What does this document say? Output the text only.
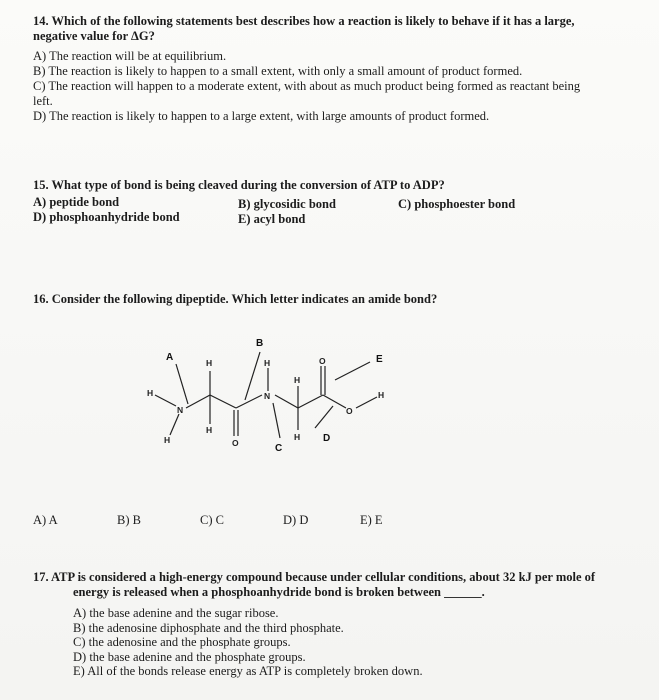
14. Which of the following statements best describes how a reaction is likely to behave if it has a large,

negative value for ΔG?

A) The reaction will be at equilibrium.

B) The reaction is likely to happen to a small extent, with only a small amount of product formed.

C) The reaction will happen to a moderate extent, with about as much product being formed as reactant being

left.

D) The reaction is likely to happen to a large extent, with large amounts of product formed.

15. What type of bond is being cleaved during the conversion of ATP to ADP?

A) peptide bond	B) glycosidic bond	C) phosphoester bond
D) phosphoanhydride bond	E) acyl bond

16. Consider the following dipeptide. Which letter indicates an amide bond?

A
B
C
D
E
H
N
H
H
H
O
H
N
H
H
O
O
H
A) A	B) B	C) C	D) D	E) E

17. ATP is considered a high-energy compound because under cellular conditions, about 32 kJ per mole of

energy is released when a phosphoanhydride bond is broken between ______.

A) the base adenine and the sugar ribose.

B) the adenosine diphosphate and the third phosphate.

C) the adenosine and the phosphate groups.

D) the base adenine and the phosphate groups.

E) All of the bonds release energy as ATP is completely broken down.
